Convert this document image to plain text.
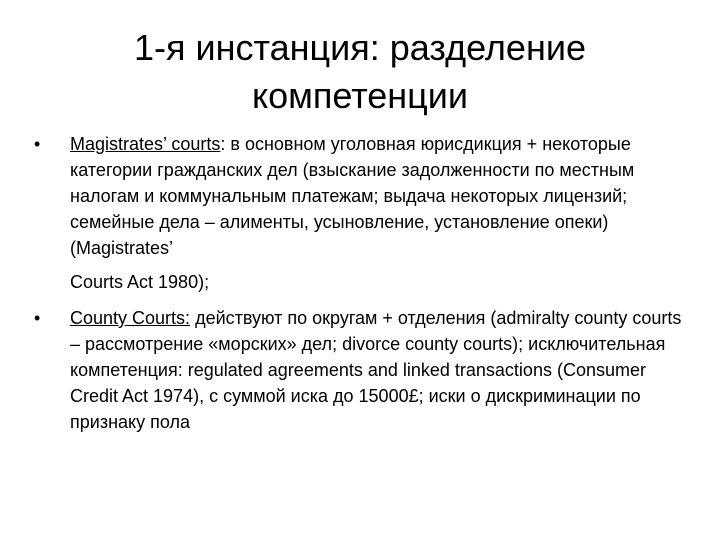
1-я инстанция: разделение
компетенции
• Magistrates’ courts: в основном уголовная юрисдикция + некоторые категории гражданских дел (взыскание задолженности по местным налогам и коммунальным платежам; выдача некоторых лицензий; семейные дела – алименты, усыновление, установление опеки) (Magistrates’
Courts Act 1980);
• County Courts: действуют по округам + отделения (admiralty county courts – рассмотрение «морских» дел; divorce county courts); исключительная компетенция: regulated agreements and linked transactions (Consumer Credit Act 1974), с суммой иска до 15000£; иски о дискриминации по признаку пола
